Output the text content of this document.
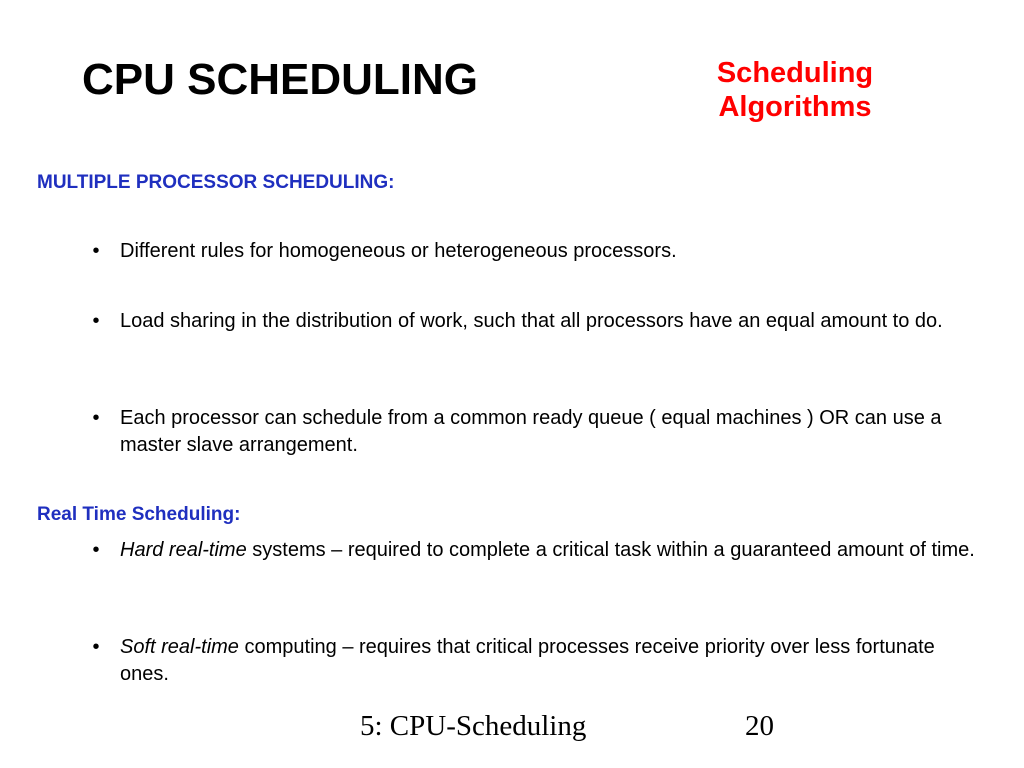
CPU SCHEDULING	Scheduling
Algorithms
MULTIPLE PROCESSOR SCHEDULING:
•	Different rules for homogeneous or heterogeneous processors.
•	Load sharing in the distribution of work, such that all processors have an equal amount to do.
•	Each processor can schedule from a common ready queue ( equal machines ) OR can use a master slave arrangement.
Real Time Scheduling:
•	Hard real-time systems – required to complete a critical task within a guaranteed amount of time.
•	Soft real-time computing – requires that critical processes receive priority over less fortunate ones.
5: CPU-Scheduling	20
